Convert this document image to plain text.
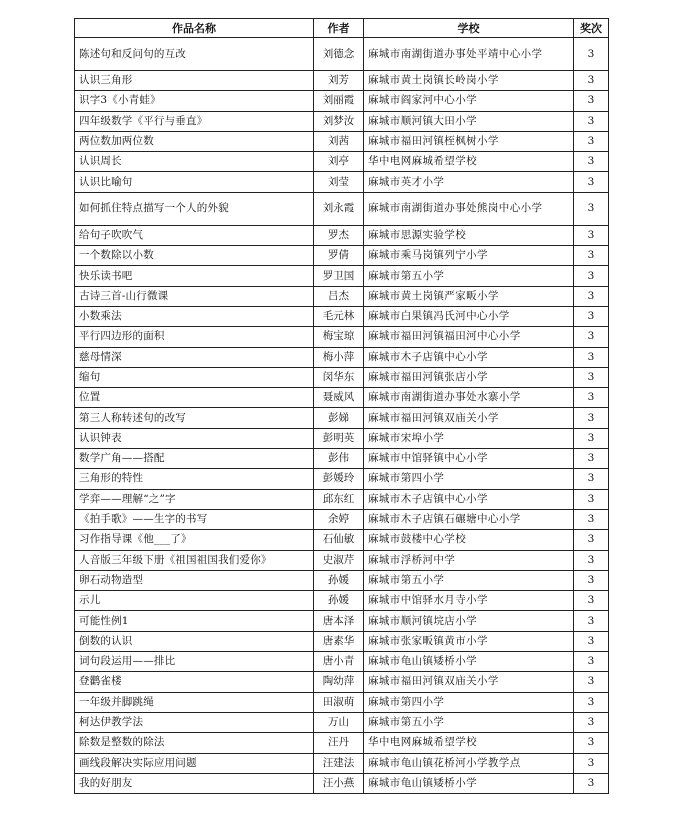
作品名称	作者	学校	奖次
陈述句和反问句的互改	刘德念	麻城市南湖街道办事处平靖中心小学	3
认识三角形	刘芳	麻城市黄土岗镇长岭岗小学	3
识字3《小青蛙》	刘丽霞	麻城市阎家河中心小学	3
四年级数学《平行与垂直》	刘梦汝	麻城市顺河镇大田小学	3
两位数加两位数	刘茜	麻城市福田河镇桎枫树小学	3
认识周长	刘亭	华中电网麻城希望学校	3
认识比喻句	刘莹	麻城市英才小学	3
如何抓住特点描写一个人的外貌	刘永霞	麻城市南湖街道办事处熊岗中心小学	3
给句子吹吹气	罗杰	麻城市思源实验学校	3
一个数除以小数	罗倩	麻城市乘马岗镇列宁小学	3
快乐读书吧	罗卫国	麻城市第五小学	3
古诗三首-山行微课	吕杰	麻城市黄土岗镇严家畈小学	3
小数乘法	毛元林	麻城市白果镇冯氏河中心小学	3
平行四边形的面积	梅宝琼	麻城市福田河镇福田河中心小学	3
慈母情深	梅小萍	麻城市木子店镇中心小学	3
缩句	闵华东	麻城市福田河镇张店小学	3
位置	聂威风	麻城市南湖街道办事处水寨小学	3
第三人称转述句的改写	彭娣	麻城市福田河镇双庙关小学	3
认识钟表	彭明英	麻城市宋埠小学	3
数学广角——搭配	彭伟	麻城市中馆驿镇中心小学	3
三角形的特性	彭媛玲	麻城市第四小学	3
学弈——理解“之”字	邱东红	麻城市木子店镇中心小学	3
《拍手歌》——生字的书写	余婷	麻城市木子店镇石碾塘中心小学	3
习作指导课《他___了》	石仙敏	麻城市鼓楼中心学校	3
人音版三年级下册《祖国祖国我们爱你》	史淑芹	麻城市浮桥河中学	3
卵石动物造型	孙媛	麻城市第五小学	3
示儿	孙媛	麻城市中馆驿水月寺小学	3
可能性例1	唐本泽	麻城市顺河镇垸店小学	3
倒数的认识	唐素华	麻城市张家畈镇黄市小学	3
词句段运用——排比	唐小青	麻城市龟山镇矮桥小学	3
登鹳雀楼	陶幼萍	麻城市福田河镇双庙关小学	3
一年级并脚跳绳	田淑萌	麻城市第四小学	3
柯达伊教学法	万山	麻城市第五小学	3
除数是整数的除法	汪丹	华中电网麻城希望学校	3
画线段解决实际应用问题	汪建法	麻城市龟山镇花桥河小学教学点	3
我的好朋友	汪小燕	麻城市龟山镇矮桥小学	3
